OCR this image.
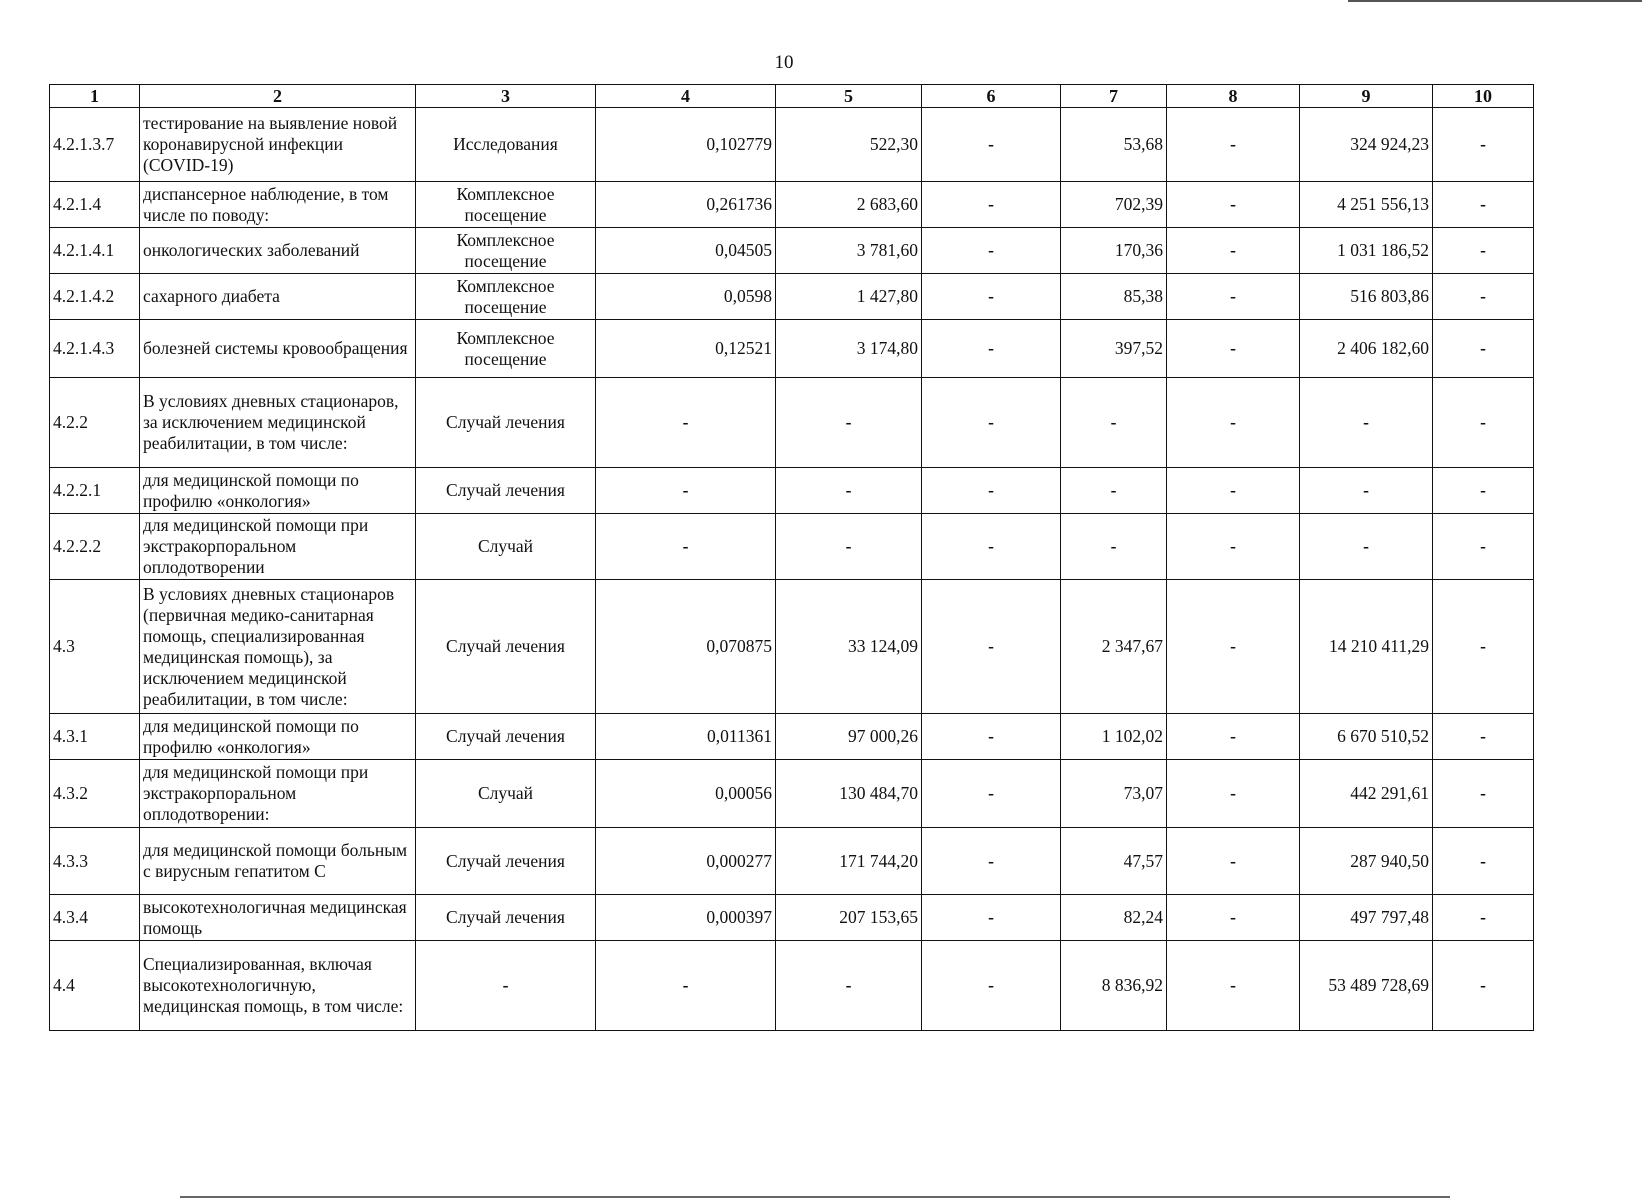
10
1	2	3	4	5	6	7	8	9	10
4.2.1.3.7	тестирование на выявление новой коронавирусной инфекции (COVID-19)	Исследования	0,102779	522,30	-	53,68	-	324 924,23	-
4.2.1.4	диспансерное наблюдение, в том числе по поводу:	Комплексное посещение	0,261736	2 683,60	-	702,39	-	4 251 556,13	-
4.2.1.4.1	онкологических заболеваний	Комплексное посещение	0,04505	3 781,60	-	170,36	-	1 031 186,52	-
4.2.1.4.2	сахарного диабета	Комплексное посещение	0,0598	1 427,80	-	85,38	-	516 803,86	-
4.2.1.4.3	болезней системы кровообращения	Комплексное посещение	0,12521	3 174,80	-	397,52	-	2 406 182,60	-
4.2.2	В условиях дневных стационаров, за исключением медицинской реабилитации, в том числе:	Случай лечения	-	-	-	-	-	-	-
4.2.2.1	для медицинской помощи по профилю «онкология»	Случай лечения	-	-	-	-	-	-	-
4.2.2.2	для медицинской помощи при экстракорпоральном оплодотворении	Случай	-	-	-	-	-	-	-
4.3	В условиях дневных стационаров (первичная медико-санитарная помощь, специализированная медицинская помощь), за исключением медицинской реабилитации, в том числе:	Случай лечения	0,070875	33 124,09	-	2 347,67	-	14 210 411,29	-
4.3.1	для медицинской помощи по профилю «онкология»	Случай лечения	0,011361	97 000,26	-	1 102,02	-	6 670 510,52	-
4.3.2	для медицинской помощи при экстракорпоральном оплодотворении:	Случай	0,00056	130 484,70	-	73,07	-	442 291,61	-
4.3.3	для медицинской помощи больным с вирусным гепатитом С	Случай лечения	0,000277	171 744,20	-	47,57	-	287 940,50	-
4.3.4	высокотехнологичная медицинская помощь	Случай лечения	0,000397	207 153,65	-	82,24	-	497 797,48	-
4.4	Специализированная, включая высокотехнологичную, медицинская помощь, в том числе:	-	-	-	-	8 836,92	-	53 489 728,69	-
